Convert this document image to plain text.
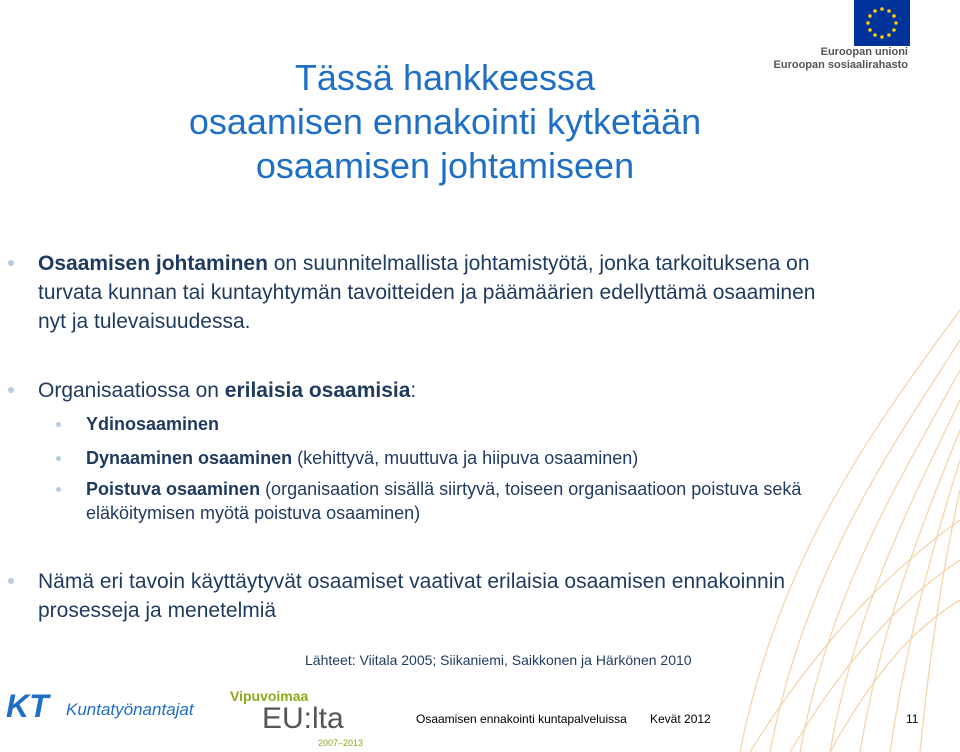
Euroopan unioni
Euroopan sosiaalirahasto
Tässä hankkeessa
osaamisen ennakointi kytketään
osaamisen johtamiseen
Osaamisen johtaminen on suunnitelmallista johtamistyötä, jonka tarkoituksena on turvata kunnan tai kuntayhtymän tavoitteiden ja päämäärien edellyttämä osaaminen nyt ja tulevaisuudessa.
Organisaatiossa on erilaisia osaamisia:
Ydinosaaminen
Dynaaminen osaaminen (kehittyvä, muuttuva ja hiipuva osaaminen)
Poistuva osaaminen (organisaation sisällä siirtyvä, toiseen organisaatioon poistuva sekä eläköitymisen myötä poistuva osaaminen)
Nämä eri tavoin käyttäytyvät osaamiset vaativat erilaisia osaamisen ennakoinnin prosesseja ja menetelmiä
Lähteet: Viitala 2005; Siikaniemi, Saikkonen ja Härkönen 2010
KT Kuntatyönantajat
Vipuvoimaa
EU:lta
2007–2013
Osaamisen ennakointi kuntapalveluissa Kevät 2012	11
